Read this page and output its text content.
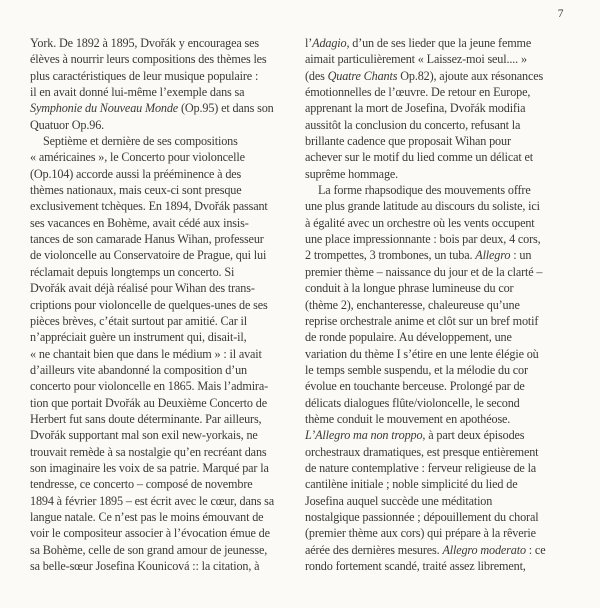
7
York. De 1892 à 1895, Dvořák y encouragea ses
élèves à nourrir leurs compositions des thèmes les
plus caractéristiques de leur musique populaire :
il en avait donné lui-même l’exemple dans sa
Symphonie du Nouveau Monde (Op.95) et dans son
Quatuor Op.96.
Septième et dernière de ses compositions
« américaines », le Concerto pour violoncelle
(Op.104) accorde aussi la prééminence à des
thèmes nationaux, mais ceux-ci sont presque
exclusivement tchèques. En 1894, Dvořák passant
ses vacances en Bohème, avait cédé aux insis-
tances de son camarade Hanus Wihan, professeur
de violoncelle au Conservatoire de Prague, qui lui
réclamait depuis longtemps un concerto. Si
Dvořák avait déjà réalisé pour Wihan des trans-
criptions pour violoncelle de quelques-unes de ses
pièces brèves, c’était surtout par amitié. Car il
n’appréciait guère un instrument qui, disait-il,
« ne chantait bien que dans le médium » : il avait
d’ailleurs vite abandonné la composition d’un
concerto pour violoncelle en 1865. Mais l’admira-
tion que portait Dvořák au Deuxième Concerto de
Herbert fut sans doute déterminante. Par ailleurs,
Dvořák supportant mal son exil new-yorkais, ne
trouvait remède à sa nostalgie qu’en recréant dans
son imaginaire les voix de sa patrie. Marqué par la
tendresse, ce concerto – composé de novembre
1894 à février 1895 – est écrit avec le cœur, dans sa
langue natale. Ce n’est pas le moins émouvant de
voir le compositeur associer à l’évocation émue de
sa Bohème, celle de son grand amour de jeunesse,
sa belle-sœur Josefina Kounicová :: la citation, à
l’Adagio, d’un de ses lieder que la jeune femme
aimait particulièrement « Laissez-moi seul.... »
(des Quatre Chants Op.82), ajoute aux résonances
émotionnelles de l’œuvre. De retour en Europe,
apprenant la mort de Josefina, Dvořák modifia
aussitôt la conclusion du concerto, refusant la
brillante cadence que proposait Wihan pour
achever sur le motif du lied comme un délicat et
suprême hommage.
La forme rhapsodique des mouvements offre
une plus grande latitude au discours du soliste, ici
à égalité avec un orchestre où les vents occupent
une place impressionnante : bois par deux, 4 cors,
2 trompettes, 3 trombones, un tuba. Allegro : un
premier thème – naissance du jour et de la clarté –
conduit à la longue phrase lumineuse du cor
(thème 2), enchanteresse, chaleureuse qu’une
reprise orchestrale anime et clôt sur un bref motif
de ronde populaire. Au développement, une
variation du thème I s’étire en une lente élégie où
le temps semble suspendu, et la mélodie du cor
évolue en touchante berceuse. Prolongé par de
délicats dialogues flûte/violoncelle, le second
thème conduit le mouvement en apothéose.
L’Allegro ma non troppo, à part deux épisodes
orchestraux dramatiques, est presque entièrement
de nature contemplative : ferveur religieuse de la
cantilène initiale ; noble simplicité du lied de
Josefina auquel succède une méditation
nostalgique passionnée ; dépouillement du choral
(premier thème aux cors) qui prépare à la rêverie
aérée des dernières mesures. Allegro moderato : ce
rondo fortement scandé, traité assez librement,
